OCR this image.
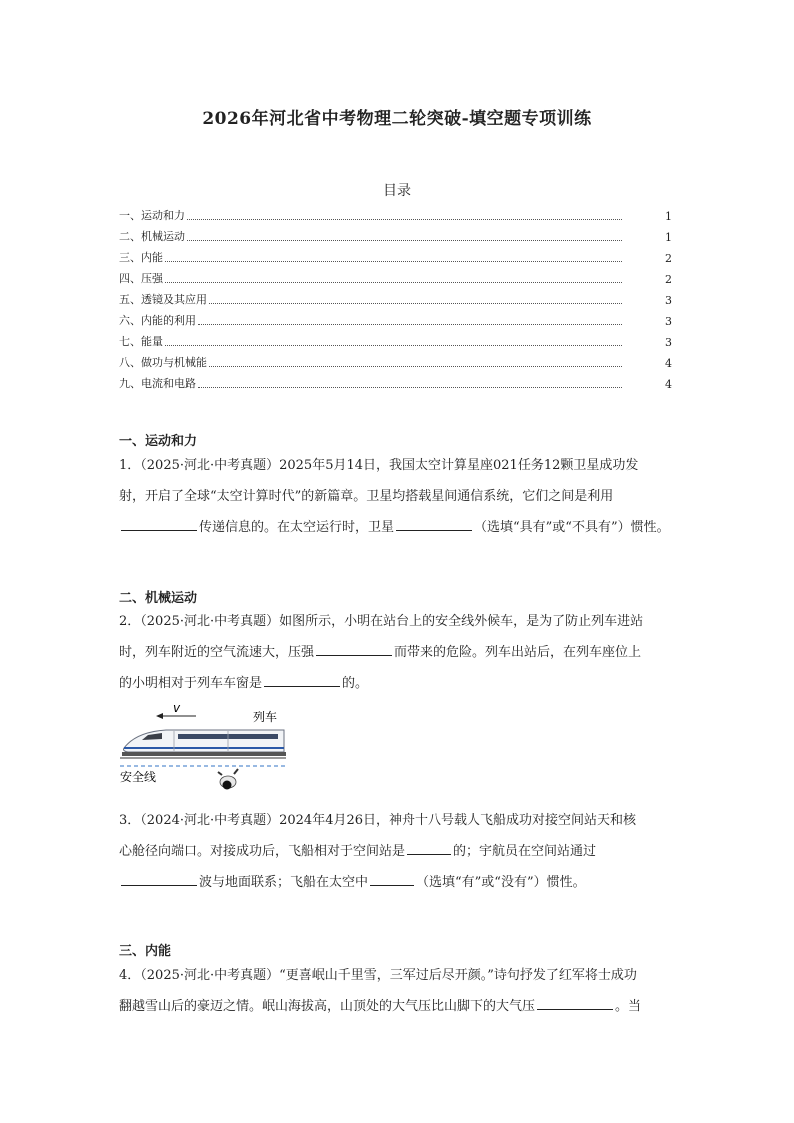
2026年河北省中考物理二轮突破-填空题专项训练
目录
一、运动和力	1
二、机械运动	1
三、内能	2
四、压强	2
五、透镜及其应用	3
六、内能的利用	3
七、能量	3
八、做功与机械能	4
九、电流和电路	4
一、运动和力
1．（2025·河北·中考真题）2025年5月14日，我国太空计算星座021任务12颗卫星成功发
射，开启了全球“太空计算时代”的新篇章。卫星均搭载星间通信系统，它们之间是利用
传递信息的。在太空运行时，卫星	（选填“具有”或“不具有”）惯性。
二、机械运动
2．（2025·河北·中考真题）如图所示，小明在站台上的安全线外候车，是为了防止列车进站
时，列车附近的空气流速大，压强	而带来的危险。列车出站后，在列车座位上
的小明相对于列车车窗是	的。
v
列车
安全线
3．（2024·河北·中考真题）2024年4月26日，神舟十八号载人飞船成功对接空间站天和核
心舱径向端口。对接成功后，飞船相对于空间站是	的；宇航员在空间站通过
波与地面联系；飞船在太空中	（选填“有”或“没有”）惯性。
三、内能
4．（2025·河北·中考真题）“更喜岷山千里雪，三军过后尽开颜。”诗句抒发了红军将士成功
翻越雪山后的豪迈之情。岷山海拔高，山顶处的大气压比山脚下的大气压	。当
